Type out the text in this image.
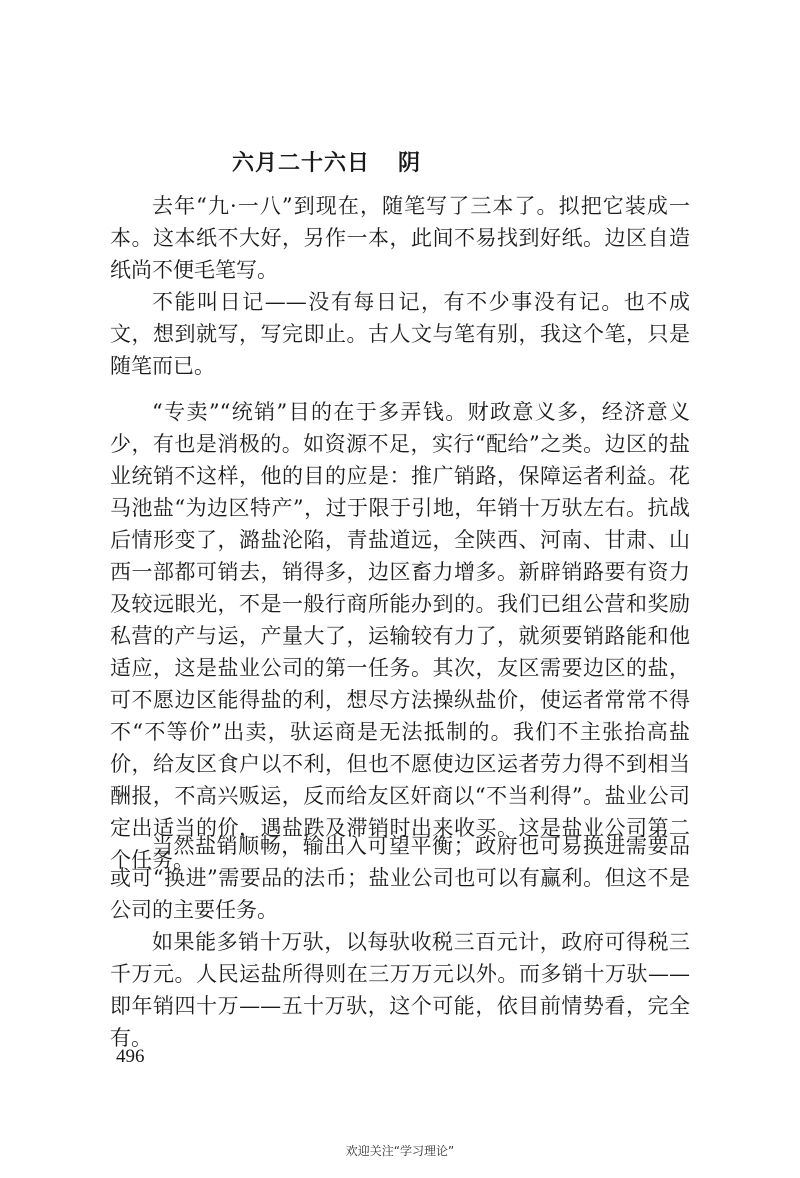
六月二十六日 阴

去年“九·一八”到现在，随笔写了三本了。拟把它装成一本。这本纸不大好，另作一本，此间不易找到好纸。边区自造纸尚不便毛笔写。

不能叫日记——没有每日记，有不少事没有记。也不成文，想到就写，写完即止。古人文与笔有别，我这个笔，只是随笔而已。

“专卖”“统销”目的在于多弄钱。财政意义多，经济意义少，有也是消极的。如资源不足，实行“配给”之类。边区的盐业统销不这样，他的目的应是：推广销路，保障运者利益。花马池盐“为边区特产”，过于限于引地，年销十万驮左右。抗战后情形变了，潞盐沦陷，青盐道远，全陕西、河南、甘肃、山西一部都可销去，销得多，边区畜力增多。新辟销路要有资力及较远眼光，不是一般行商所能办到的。我们已组公营和奖励私营的产与运，产量大了，运输较有力了，就须要销路能和他适应，这是盐业公司的第一任务。其次，友区需要边区的盐，可不愿边区能得盐的利，想尽方法操纵盐价，使运者常常不得不“不等价”出卖，驮运商是无法抵制的。我们不主张抬高盐价，给友区食户以不利，但也不愿使边区运者劳力得不到相当酬报，不高兴贩运，反而给友区奸商以“不当利得”。盐业公司定出适当的价，遇盐跌及滞销时出来收买。这是盐业公司第二个任务。

当然盐销顺畅，输出入可望平衡；政府也可易换进需要品或可“换进”需要品的法币；盐业公司也可以有赢利。但这不是公司的主要任务。

如果能多销十万驮，以每驮收税三百元计，政府可得税三千万元。人民运盐所得则在三万万元以外。而多销十万驮——即年销四十万——五十万驮，这个可能，依目前情势看，完全有。

496
欢迎关注“学习理论”
